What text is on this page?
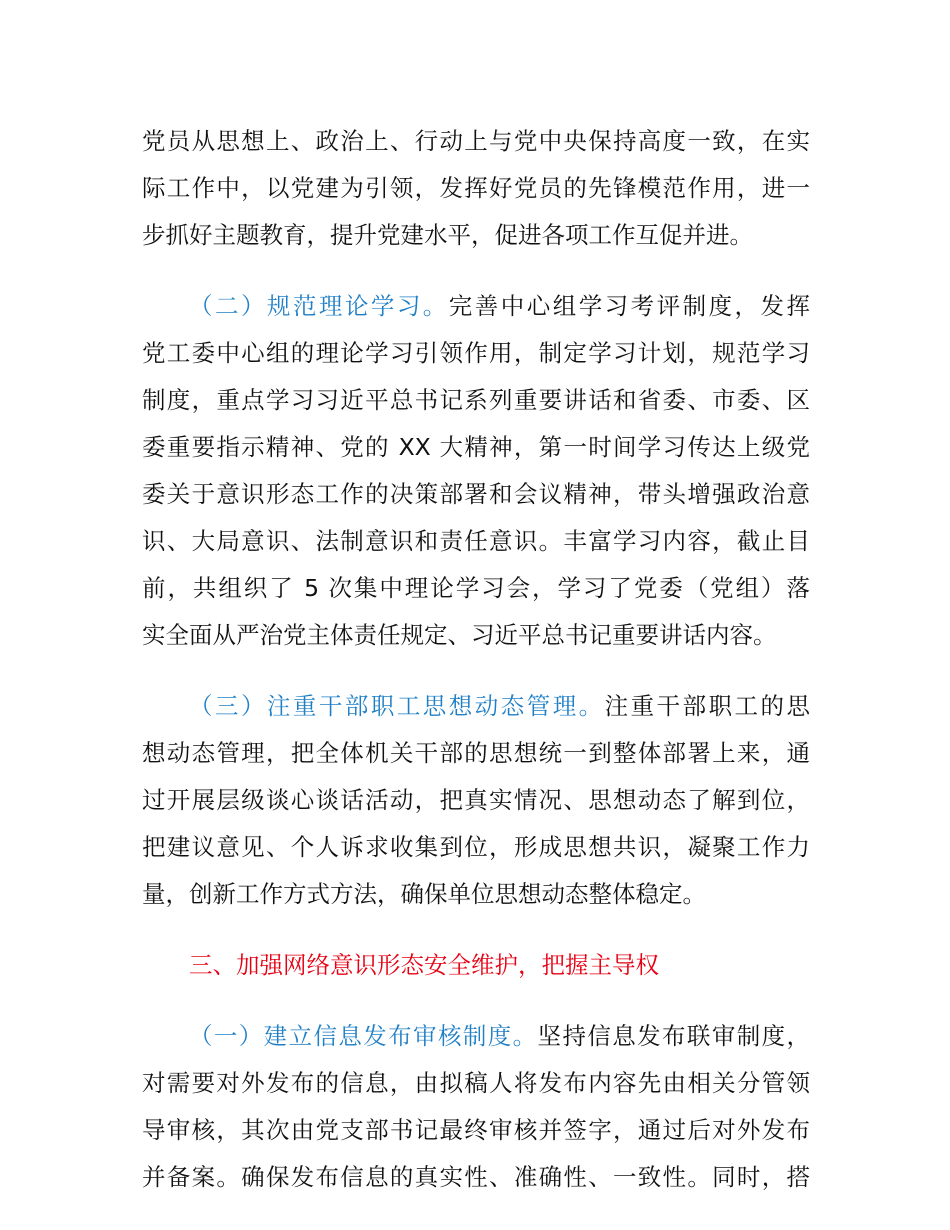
党员从思想上、政治上、行动上与党中央保持高度一致，在实
际工作中，以党建为引领，发挥好党员的先锋模范作用，进一
步抓好主题教育，提升党建水平，促进各项工作互促并进。
（二）规范理论学习。完善中心组学习考评制度，发挥
党工委中心组的理论学习引领作用，制定学习计划，规范学习
制度，重点学习习近平总书记系列重要讲话和省委、市委、区
委重要指示精神、党的 XX 大精神，第一时间学习传达上级党
委关于意识形态工作的决策部署和会议精神，带头增强政治意
识、大局意识、法制意识和责任意识。丰富学习内容，截止目
前，共组织了 5 次集中理论学习会，学习了党委（党组）落
实全面从严治党主体责任规定、习近平总书记重要讲话内容。
（三）注重干部职工思想动态管理。注重干部职工的思
想动态管理，把全体机关干部的思想统一到整体部署上来，通
过开展层级谈心谈话活动，把真实情况、思想动态了解到位，
把建议意见、个人诉求收集到位，形成思想共识，凝聚工作力
量，创新工作方式方法，确保单位思想动态整体稳定。
三、加强网络意识形态安全维护，把握主导权
（一）建立信息发布审核制度。坚持信息发布联审制度，
对需要对外发布的信息，由拟稿人将发布内容先由相关分管领
导审核，其次由党支部书记最终审核并签字，通过后对外发布
并备案。确保发布信息的真实性、准确性、一致性。同时，搭
